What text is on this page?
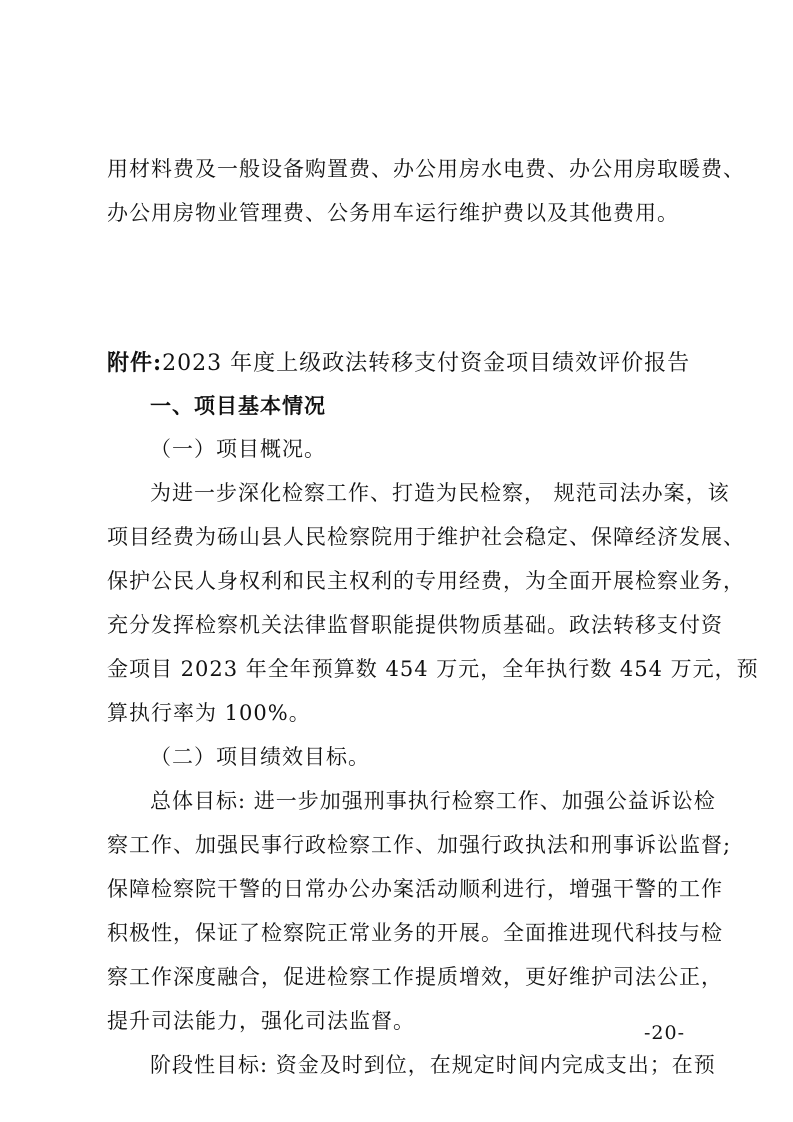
用材料费及一般设备购置费、办公用房水电费、办公用房取暖费、
办公用房物业管理费、公务用车运行维护费以及其他费用。
附件:2023 年度上级政法转移支付资金项目绩效评价报告
一、项目基本情况
（一）项目概况。
为进一步深化检察工作、打造为民检察， 规范司法办案，该
项目经费为砀山县人民检察院用于维护社会稳定、保障经济发展、
保护公民人身权利和民主权利的专用经费，为全面开展检察业务，
充分发挥检察机关法律监督职能提供物质基础。政法转移支付资
金项目 2023 年全年预算数 454 万元，全年执行数 454 万元，预
算执行率为 100%。
（二）项目绩效目标。
总体目标: 进一步加强刑事执行检察工作、加强公益诉讼检
察工作、加强民事行政检察工作、加强行政执法和刑事诉讼监督;
保障检察院干警的日常办公办案活动顺利进行，增强干警的工作
积极性，保证了检察院正常业务的开展。全面推进现代科技与检
察工作深度融合，促进检察工作提质增效，更好维护司法公正，
提升司法能力，强化司法监督。
阶段性目标: 资金及时到位，在规定时间内完成支出；在预
-20-
